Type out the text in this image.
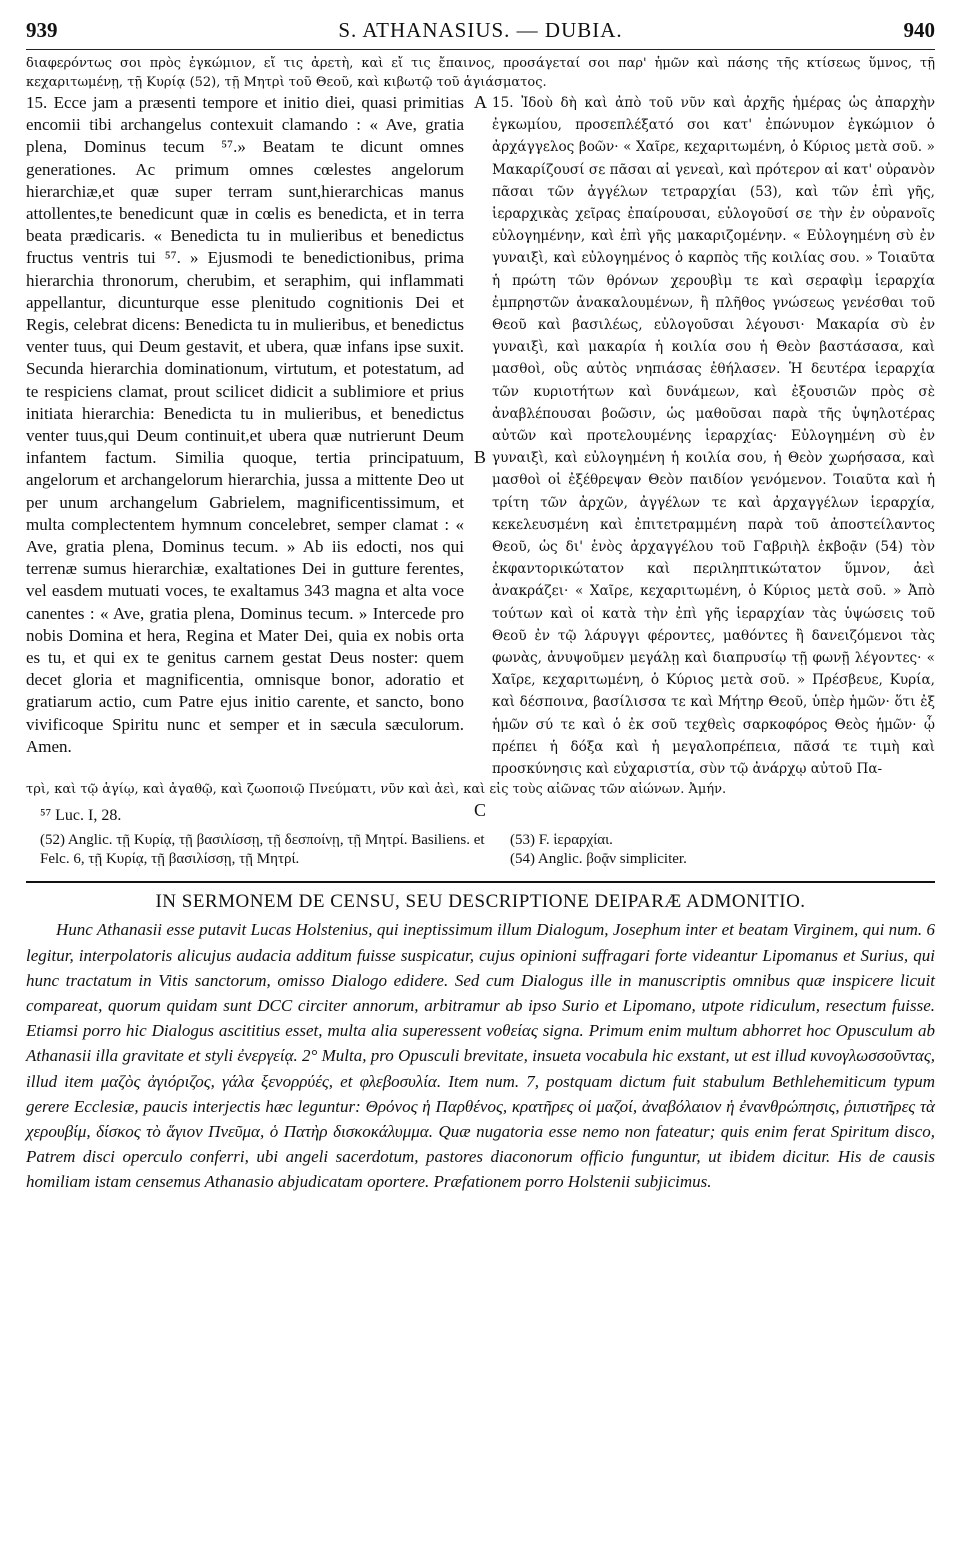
939	S. ATHANASIUS. — DUBIA.	940

διαφερόντως σοι πρὸς ἐγκώμιον, εἴ τις ἀρετὴ, καὶ εἴ τις ἔπαινος, προσάγεταί σοι παρ' ἡμῶν καὶ πάσης τῆς κτίσεως ὕμνος, τῇ κεχαριτωμένῃ, τῇ Κυρίᾳ (52), τῇ Μητρὶ τοῦ Θεοῦ, καὶ κιβωτῷ τοῦ ἁγιάσματος.

15. Ecce jam a præsenti tempore et initio diei, quasi primitias encomii tibi archangelus contexuit clamando : « Ave, gratia plena, Dominus tecum ⁵⁷.» Beatam te dicunt omnes generationes. Ac primum omnes cœlestes angelorum hierarchiæ,et quæ super terram sunt,hierarchicas manus attollentes,te benedicunt quæ in cœlis es benedicta, et in terra beata prædicaris. « Benedicta tu in mulieribus et benedictus fructus ventris tui ⁵⁷. » Ejusmodi te benedictionibus, prima hierarchia thronorum, cherubim, et seraphim, qui inflammati appellantur, dicunturque esse plenitudo cognitionis Dei et Regis, celebrat dicens: Benedicta tu in mulieribus, et benedictus venter tuus, qui Deum gestavit, et ubera, quæ infans ipse suxit. Secunda hierarchia dominationum, virtutum, et potestatum, ad te respiciens clamat, prout scilicet didicit a sublimiore et prius initiata hierarchia: Benedicta tu in mulieribus, et benedictus venter tuus,qui Deum continuit,et ubera quæ nutrierunt Deum infantem factum. Similia quoque, tertia principatuum, angelorum et archangelorum hierarchia, jussa a mittente Deo ut per unum archangelum Gabrielem, magnificentissimum, et multa complectentem hymnum concelebret, semper clamat : « Ave, gratia plena, Dominus tecum. » Ab iis edocti, nos qui terrenæ sumus hierarchiæ, exaltationes Dei in gutture ferentes, vel easdem mutuati voces, te exaltamus 343 magna et alta voce canentes : « Ave, gratia plena, Dominus tecum. » Intercede pro nobis Domina et hera, Regina et Mater Dei, quia ex nobis orta es tu, et qui ex te genitus carnem gestat Deus noster: quem decet gloria et magnificentia, omnisque bonor, adoratio et gratiarum actio, cum Patre ejus initio carente, et sancto, bono vivificoque Spiritu nunc et semper et in sæcula sæculorum. Amen.
A
B
C
15. Ἰδοὺ δὴ καὶ ἀπὸ τοῦ νῦν καὶ ἀρχῆς ἡμέρας ὡς ἀπαρχὴν ἐγκωμίου, προσεπλέξατό σοι κατ' ἐπώνυμον ἐγκώμιον ὁ ἀρχάγγελος βοῶν· « Χαῖρε, κεχαριτωμένη, ὁ Κύριος μετὰ σοῦ. » Μακαρίζουσί σε πᾶσαι αἱ γενεαὶ, καὶ πρότερον αἱ κατ' οὐρανὸν πᾶσαι τῶν ἀγγέλων τετραρχίαι (53), καὶ τῶν ἐπὶ γῆς, ἱεραρχικὰς χεῖρας ἐπαίρουσαι, εὐλογοῦσί σε τὴν ἐν οὐρανοῖς εὐλογημένην, καὶ ἐπὶ γῆς μακαριζομένην. « Εὐλογημένη σὺ ἐν γυναιξὶ, καὶ εὐλογημένος ὁ καρπὸς τῆς κοιλίας σου. » Τοιαῦτα ἡ πρώτη τῶν θρόνων χερουβὶμ τε καὶ σεραφὶμ ἱεραρχία ἐμπρηστῶν ἀνακαλουμένων, ἢ πλῆθος γνώσεως γενέσθαι τοῦ Θεοῦ καὶ βασιλέως, εὐλογοῦσαι λέγουσι· Μακαρία σὺ ἐν γυναιξὶ, καὶ μακαρία ἡ κοιλία σου ἡ Θεὸν βαστάσασα, καὶ μασθοὶ, οὓς αὐτὸς νηπιάσας ἐθήλασεν. Ἡ δευτέρα ἱεραρχία τῶν κυριοτήτων καὶ δυνάμεων, καὶ ἐξουσιῶν πρὸς σὲ ἀναβλέπουσαι βοῶσιν, ὡς μαθοῦσαι παρὰ τῆς ὑψηλοτέρας αὐτῶν καὶ προτελουμένης ἱεραρχίας· Εὐλογημένη σὺ ἐν γυναιξὶ, καὶ εὐλογημένη ἡ κοιλία σου, ἡ Θεὸν χωρήσασα, καὶ μασθοὶ οἱ ἐξέθρεψαν Θεὸν παιδίον γενόμενον. Τοιαῦτα καὶ ἡ τρίτη τῶν ἀρχῶν, ἀγγέλων τε καὶ ἀρχαγγέλων ἱεραρχία, κεκελευσμένη καὶ ἐπιτετραμμένη παρὰ τοῦ ἀποστείλαντος Θεοῦ, ὡς δι' ἑνὸς ἀρχαγγέλου τοῦ Γαβριὴλ ἐκβοᾷν (54) τὸν ἐκφαντορικώτατον καὶ περιληπτικώτατον ὕμνον, ἀεὶ ἀνακράζει· « Χαῖρε, κεχαριτωμένη, ὁ Κύριος μετὰ σοῦ. » Ἀπὸ τούτων καὶ οἱ κατὰ τὴν ἐπὶ γῆς ἱεραρχίαν τὰς ὑψώσεις τοῦ Θεοῦ ἐν τῷ λάρυγγι φέροντες, μαθόντες ἢ δανειζόμενοι τὰς φωνὰς, ἀνυψοῦμεν μεγάλῃ καὶ διαπρυσίῳ τῇ φωνῇ λέγοντες· « Χαῖρε, κεχαριτωμένη, ὁ Κύριος μετὰ σοῦ. » Πρέσβευε, Κυρία, καὶ δέσποινα, βασίλισσα τε καὶ Μήτηρ Θεοῦ, ὑπὲρ ἡμῶν· ὅτι ἐξ ἡμῶν σύ τε καὶ ὁ ἐκ σοῦ τεχθεὶς σαρκοφόρος Θεὸς ἡμῶν· ᾧ πρέπει ἡ δόξα καὶ ἡ μεγαλοπρέπεια, πᾶσά τε τιμὴ καὶ προσκύνησις καὶ εὐχαριστία, σὺν τῷ ἀνάρχῳ αὐτοῦ Πα-

τρὶ, καὶ τῷ ἁγίῳ, καὶ ἀγαθῷ, καὶ ζωοποιῷ Πνεύματι, νῦν καὶ ἀεὶ, καὶ εἰς τοὺς αἰῶνας τῶν αἰώνων. Ἀμήν.

⁵⁷ Luc. I, 28.
(52) Anglic. τῇ Κυρίᾳ, τῇ βασιλίσσῃ, τῇ δεσποίνῃ, τῇ Μητρί. Basiliens. et Felc. 6, τῇ Κυρίᾳ, τῇ βασιλίσσῃ, τῇ Μητρί.
(53) F. ἱεραρχίαι.
(54) Anglic. βοᾷν simpliciter.
IN SERMONEM DE CENSU, SEU DESCRIPTIONE DEIPARÆ ADMONITIO.

Hunc Athanasii esse putavit Lucas Holstenius, qui ineptissimum illum Dialogum, Josephum inter et beatam Virginem, qui num. 6 legitur, interpolatoris alicujus audacia additum fuisse suspicatur, cujus opinioni suffragari forte videantur Lipomanus et Surius, qui hunc tractatum in Vitis sanctorum, omisso Dialogo edidere. Sed cum Dialogus ille in manuscriptis omnibus quæ inspicere licuit compareat, quorum quidam sunt DCC circiter annorum, arbitramur ab ipso Surio et Lipomano, utpote ridiculum, resectum fuisse. Etiamsi porro hic Dialogus ascititius esset, multa alia superessent νοθείας signa. Primum enim multum abhorret hoc Opusculum ab Athanasii illa gravitate et styli ἐνεργείᾳ. 2° Multa, pro Opusculi brevitate, insueta vocabula hic exstant, ut est illud κυνογλωσσοῦντας, illud item μαζὸς ἀγιόριζος, γάλα ξενορρύές, et φλεβοσυλία. Item num. 7, postquam dictum fuit stabulum Bethlehemiticum typum gerere Ecclesiæ, paucis interjectis hæc leguntur: Θρόνος ἡ Παρθένος, κρατῆρες οἱ μαζοί, ἀναβόλαιον ἡ ἐνανθρώπησις, ῥιπιστῆρες τὰ χερουβίμ, δίσκος τὸ ἅγιον Πνεῦμα, ὁ Πατὴρ δισκοκάλυμμα. Quæ nugatoria esse nemo non fateatur; quis enim ferat Spiritum disco, Patrem disci operculo conferri, ubi angeli sacerdotum, pastores diaconorum officio funguntur, ut ibidem dicitur. His de causis homiliam istam censemus Athanasio abjudicatam oportere. Præfationem porro Holstenii subjicimus.
